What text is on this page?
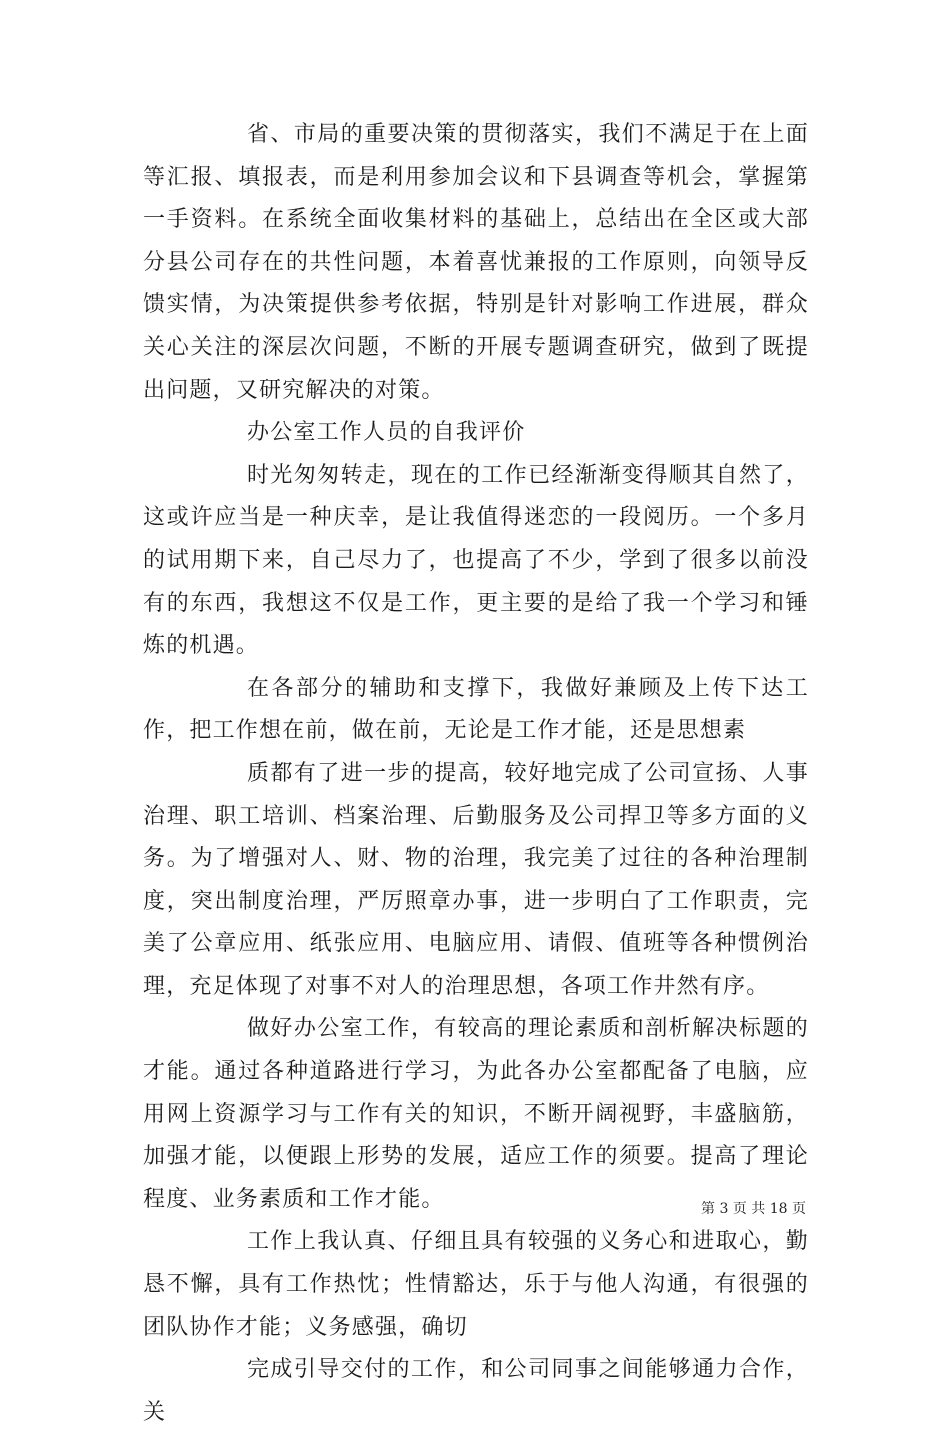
省、市局的重要决策的贯彻落实，我们不满足于在上面等汇报、填报表，而是利用参加会议和下县调查等机会，掌握第一手资料。在系统全面收集材料的基础上，总结出在全区或大部分县公司存在的共性问题，本着喜忧兼报的工作原则，向领导反馈实情，为决策提供参考依据，特别是针对影响工作进展，群众关心关注的深层次问题，不断的开展专题调查研究，做到了既提出问题，又研究解决的对策。

办公室工作人员的自我评价

时光匆匆转走，现在的工作已经渐渐变得顺其自然了，这或许应当是一种庆幸，是让我值得迷恋的一段阅历。一个多月的试用期下来，自己尽力了，也提高了不少，学到了很多以前没有的东西，我想这不仅是工作，更主要的是给了我一个学习和锤炼的机遇。

在各部分的辅助和支撑下，我做好兼顾及上传下达工作，把工作想在前，做在前，无论是工作才能，还是思想素

质都有了进一步的提高，较好地完成了公司宣扬、人事治理、职工培训、档案治理、后勤服务及公司捍卫等多方面的义务。为了增强对人、财、物的治理，我完美了过往的各种治理制度，突出制度治理，严厉照章办事，进一步明白了工作职责，完美了公章应用、纸张应用、电脑应用、请假、值班等各种惯例治理，充足体现了对事不对人的治理思想，各项工作井然有序。

做好办公室工作，有较高的理论素质和剖析解决标题的才能。通过各种道路进行学习，为此各办公室都配备了电脑，应用网上资源学习与工作有关的知识，不断开阔视野，丰盛脑筋，加强才能，以便跟上形势的发展，适应工作的须要。提高了理论程度、业务素质和工作才能。

工作上我认真、仔细且具有较强的义务心和进取心，勤恳不懈，具有工作热忱；性情豁达，乐于与他人沟通，有很强的团队协作才能；义务感强，确切

完成引导交付的工作，和公司同事之间能够通力合作，关

第 3 页 共 18 页
